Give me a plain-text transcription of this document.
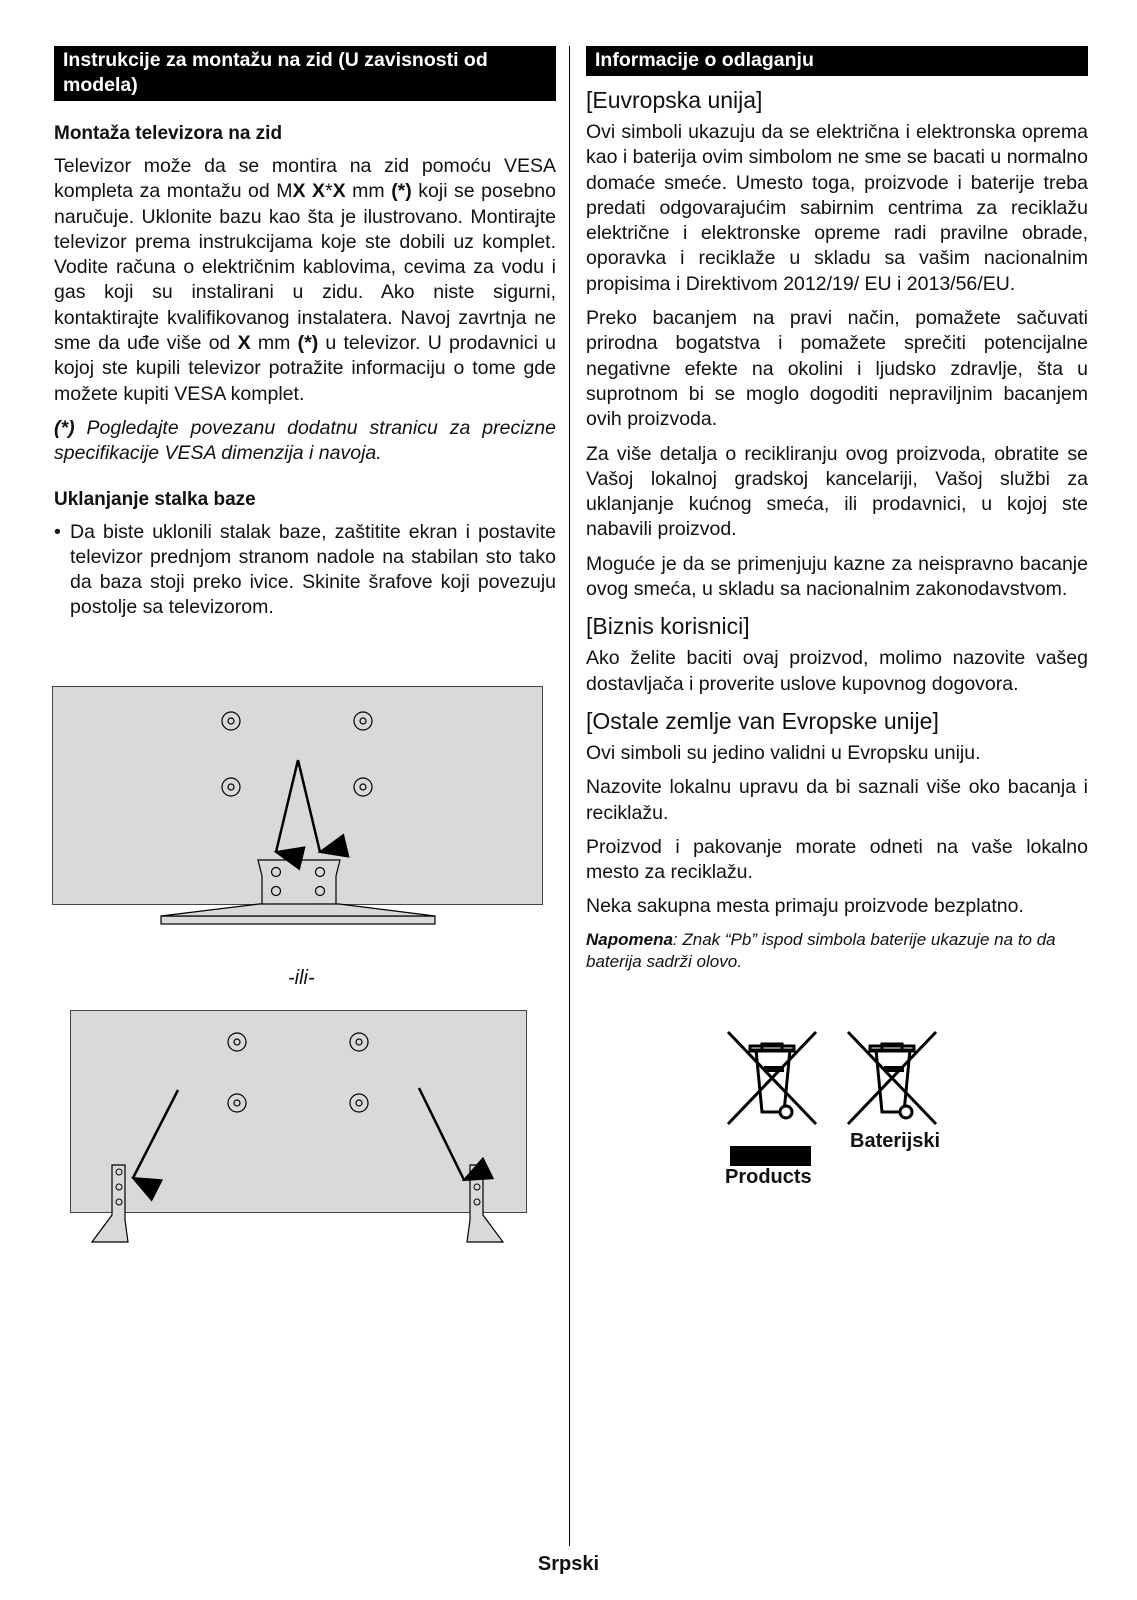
Instrukcije za montažu na zid (U zavisnosti od modela)
Montaža televizora na zid
Televizor može da se montira na zid pomoću VESA kompleta za montažu od MX X*X mm (*) koji se posebno naručuje. Uklonite bazu kao šta je ilustrovano. Montirajte televizor prema instrukcijama koje ste dobili uz komplet. Vodite računa o električnim kablovima, cevima za vodu i gas koji su instalirani u zidu. Ako niste sigurni, kontaktirajte kvalifikovanog instalatera. Navoj zavrtnja ne sme da uđe više od X mm (*) u televizor. U prodavnici u kojoj ste kupili televizor potražite informaciju o tome gde možete kupiti VESA komplet.
(*) Pogledajte povezanu dodatnu stranicu za precizne specifikacije VESA dimenzija i navoja.
Uklanjanje stalka baze
• Da biste uklonili stalak baze, zaštitite ekran i postavite televizor prednjom stranom nadole na stabilan sto tako da baza stoji preko ivice. Skinite šrafove koji povezuju postolje sa televizorom.
-ili-
Informacije o odlaganju
[Euvropska unija]
Ovi simboli ukazuju da se električna i elektronska oprema kao i baterija ovim simbolom ne sme se bacati u normalno domaće smeće. Umesto toga, proizvode i baterije treba predati odgovarajućim sabirnim centrima za reciklažu električne i elektronske opreme radi pravilne obrade, oporavka i reciklaže u skladu sa vašim nacionalnim propisima i Direktivom 2012/19/ EU i 2013/56/EU.
Preko bacanjem na pravi način, pomažete sačuvati prirodna bogatstva i pomažete sprečiti potencijalne negativne efekte na okolini i ljudsko zdravlje, šta u suprotnom bi se moglo dogoditi nepraviljnim bacanjem ovih proizvoda.
Za više detalja o recikliranju ovog proizvoda, obratite se Vašoj lokalnoj gradskoj kancelariji, Vašoj službi za uklanjanje kućnog smeća, ili prodavnici, u kojoj ste nabavili proizvod.
Moguće je da se primenjuju kazne za neispravno bacanje ovog smeća, u skladu sa nacionalnim zakonodavstvom.
[Biznis korisnici]
Ako želite baciti ovaj proizvod, molimo nazovite vašeg dostavljača i proverite uslove kupovnog dogovora.
[Ostale zemlje van Evropske unije]
Ovi simboli su jedino validni u Evropsku uniju.
Nazovite lokalnu upravu da bi saznali više oko bacanja i reciklažu.
Proizvod i pakovanje morate odneti na vaše lokalno mesto za reciklažu.
Neka sakupna mesta primaju proizvode bezplatno.
Napomena: Znak “Pb” ispod simbola baterije ukazuje na to da baterija sadrži olovo.
Products
Baterijski
Srpski
